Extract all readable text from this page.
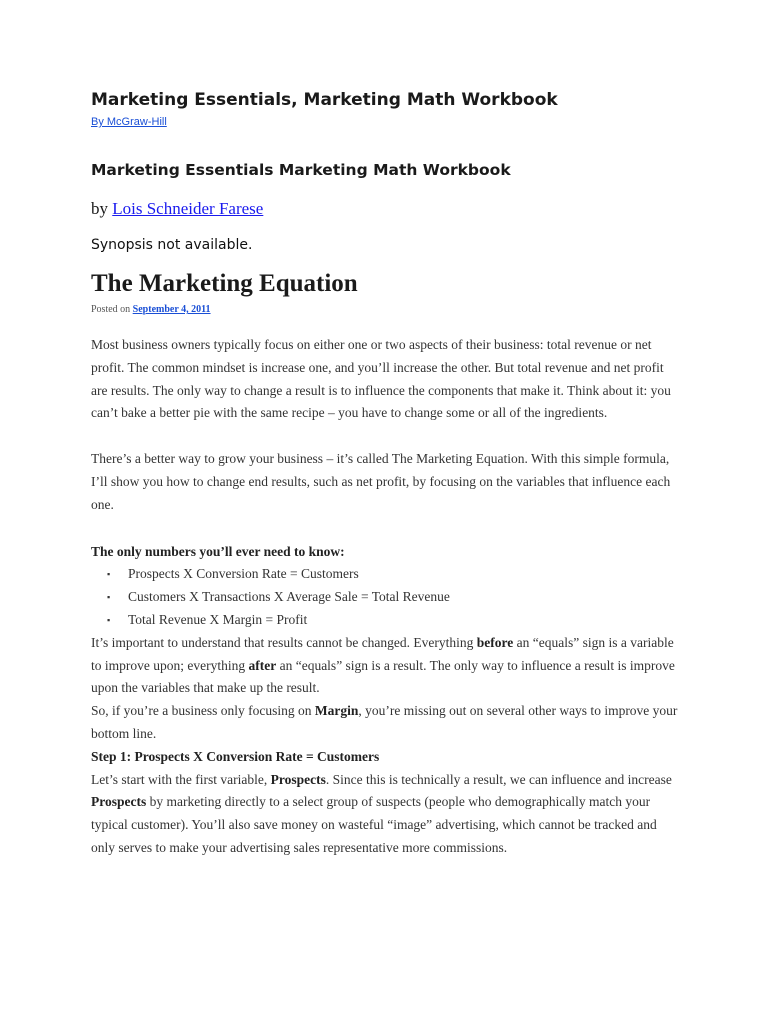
Marketing Essentials, Marketing Math Workbook
By McGraw-Hill
Marketing Essentials Marketing Math Workbook

by Lois Schneider Farese

Synopsis not available.

The Marketing Equation

Posted on September 4, 2011

Most business owners typically focus on either one or two aspects of their business: total revenue or net profit. The common mindset is increase one, and you’ll increase the other. But total revenue and net profit are results. The only way to change a result is to influence the components that make it. Think about it: you can’t bake a better pie with the same recipe – you have to change some or all of the ingredients.

There’s a better way to grow your business – it’s called The Marketing Equation. With this simple formula, I’ll show you how to change end results, such as net profit, by focusing on the variables that influence each one.

The only numbers you’ll ever need to know:

▪ Prospects X Conversion Rate = Customers
▪ Customers X Transactions X Average Sale = Total Revenue
▪ Total Revenue X Margin = Profit

It’s important to understand that results cannot be changed. Everything before an “equals” sign is a variable to improve upon; everything after an “equals” sign is a result. The only way to influence a result is improve upon the variables that make up the result.

So, if you’re a business only focusing on Margin, you’re missing out on several other ways to improve your bottom line.

Step 1: Prospects X Conversion Rate = Customers

Let’s start with the first variable, Prospects. Since this is technically a result, we can influence and increase Prospects by marketing directly to a select group of suspects (people who demographically match your typical customer). You’ll also save money on wasteful “image” advertising, which cannot be tracked and only serves to make your advertising sales representative more commissions.
